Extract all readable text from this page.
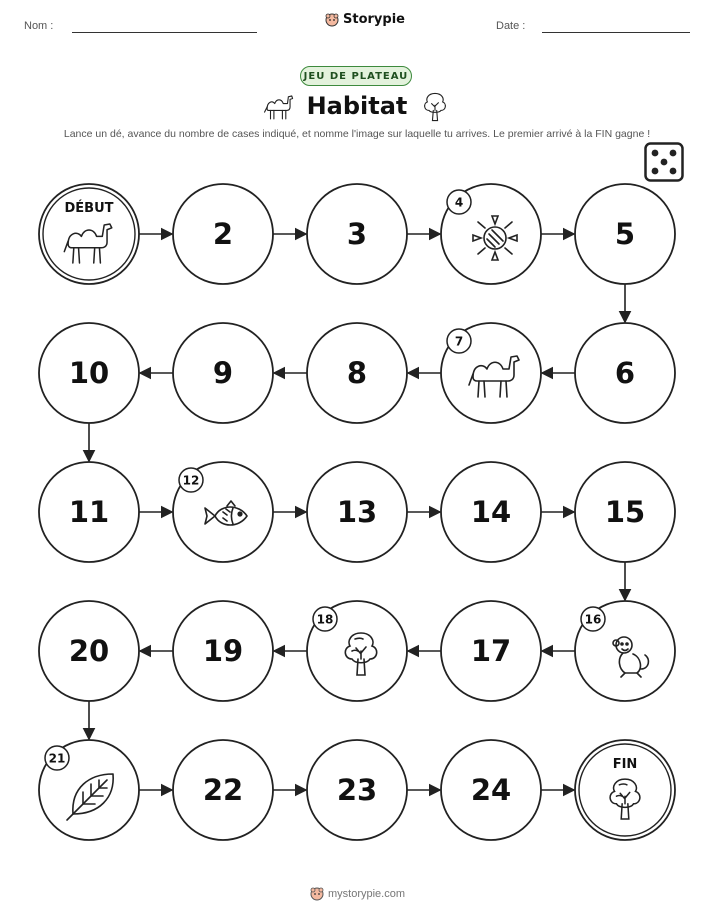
Nom :	Storypie	Date :
JEU DE PLATEAU
Habitat
Lance un dé, avance du nombre de cases indiqué, et nomme l'image sur laquelle tu arrives. Le premier arrivé à la FIN gagne !
DÉBUT
2	3
4
5
6
7
8
9
10
11
12
13	14	15
16
17
18
19
20
21
22	23	24
FIN
mystorypie.com
